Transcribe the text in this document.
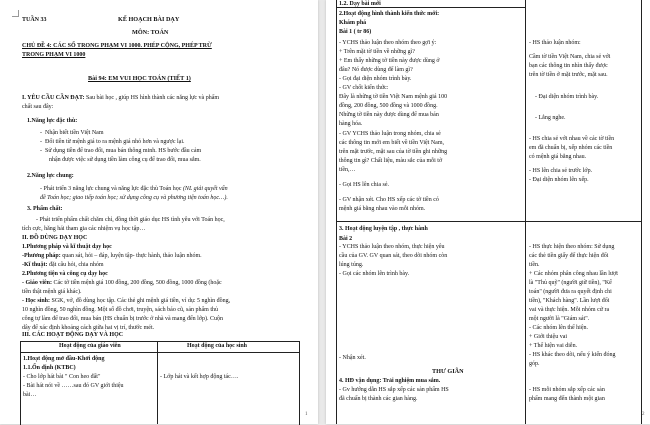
TUẦN 33	KẾ HOẠCH BÀI DẠY
MÔN: TOÁN
CHỦ ĐỀ 4: CÁC SỐ TRONG PHẠM VI 1000. PHÉP CỘNG, PHÉP TRỪ
TRONG PHẠM VI 1000
Bài 94: EM VUI HỌC TOÁN (TIẾT 1)
I. YÊU CẦU CẦN ĐẠT: Sau bài học , giúp HS hình thành các năng lực và phẩm
chất sau đây:
1.Năng lực đặc thù:
-  Nhận biết tiền Việt Nam
-  Đổi tiền từ mệnh giá to ra mệnh giá nhỏ hơn và ngược lại.
-  Sử dụng tiền để trao đổi, mua bán thông minh. HS bước đầu cảm
nhận được việc sử dụng tiền làm công cụ để trao đổi, mua sắm.
2.Năng lực chung:
- Phát triển 3 năng lực chung và năng lực đặc thù Toán học (NL giải quyết vấn
đề Toán học; giao tiếp toán học; sử dụng công cụ và phương tiện toán học…).
3. Phẩm chất:
- Phát triển phẩm chất chăm chỉ, đồng thời giáo dục HS tình yêu với Toán học,
tích cực, hăng hái tham gia các nhiệm vụ học tập…
II. ĐỒ DÙNG DẠY HỌC
1.Phương pháp và kĩ thuật dạy học
-Phương pháp: quan sát, hỏi – đáp, luyện tập- thực hành, thảo luận nhóm.
-Kĩ thuật: đặt câu hỏi, chia nhóm
2.Phương tiện và công cụ dạy học
- Giáo viên: Các tờ tiền mệnh giá 100 đồng, 200 đồng, 500 đồng, 1000 đồng (hoặc
tiền thật mệnh giá khác).
- Học sinh: SGK, vở, đồ dùng học tập. Các thẻ ghi mệnh giá tiền, ví dụ: 5 nghìn đồng,
10 nghìn đồng, 50 nghìn đồng. Một số đồ chơi, truyện, sách báo cũ, sản phẩm thủ
công tự làm để trao đổi, mua bán (HS chuẩn bị trước ở nhà và mang đến lớp). Cuộn
dây để xác định khoảng cách giữa hai vị trí, thước mét.
III. CÁC HOẠT ĐỘNG DẠY VÀ HỌC
Hoạt động của giáo viên	Hoạt động của học sinh
1.Hoạt động mở đầu-Khởi động
1.1.Ổn định (KTBC)
- Cho lớp hát bài " Con heo đất"
- Bài hát nói về ……sau đó GV giới thiệu
bài…
- Lớp hát và kết hợp động tác….
1
1.2. Dạy bài mới
2.Hoạt động hình thành kiến thức mới:
Khám phá
Bài 1 ( tr 86)
- YCHS thảo luận theo nhóm theo gợi ý:
+ Trên mặt tờ tiền về những gì?
+ Em thấy những tờ tiền này được dùng ở
đâu? Nó được dùng để làm gì?
- Gọi đại diện nhóm trình bày.
- GV chốt kiến thức:
Đây là những tờ tiền Việt Nam mệnh giá 100
đồng, 200 đồng, 500 đồng và 1000 đồng.
Những tờ tiền này được dùng để mua bán
hàng hóa.
- GV YCHS thảo luận trong nhóm, chia sẻ
các thông tin mới em biết về tiền Việt Nam,
trên mặt trước, mặt sau của tờ tiền ghi những
thông tin gì? Chất liệu, màu sắc của mỗi tờ
tiền,…
- Gọi HS lên chia sẻ.
- GV nhận xét. Cho HS xếp các tờ tiền có
mệnh giá bằng nhau vào mỗi nhóm.
- HS thảo luận nhóm:
Cầm tờ tiền Việt Nam, chia sẻ với
bạn các thông tin nhìn thấy được
trên tờ tiền ở mặt trước, mặt sau.
- Đại diện nhóm trình bày.
- Lắng nghe.
- HS chia sẻ với nhau về các tờ tiền
em đã chuẩn bị, xếp nhóm các tiền
có mệnh giá bằng nhau.
- HS lên chia sẻ trước lớp.
- Đại diện nhóm lên xếp.
3. Hoạt động luyện tập , thực hành
Bài 2
- YCHS thảo luận theo nhóm, thực hiện yêu
cầu của GV. GV quan sát, theo dõi nhóm còn
lúng túng.
- Gọi các nhóm lên trình bày.
- Nhận xét.
- HS thực hiện theo nhóm: Sử dụng
các thẻ tiền giấy để thực hiện đổi
tiền.
+ Các nhóm phân công nhau lần lượt
là "Thủ quỹ" (người giữ tiền), "Kế
toán" (người đưa ra quyết định chi
tiền), "Khách hàng". Lần lượt đổi
vai và thực hiện. Mỗi nhóm cử ra
một người là "Giám sát".
- Các nhóm lên thể hiện.
+ Giới thiệu vai
+ Thể hiện vai diễn.
- HS khác theo dõi, nếu ý kiến đóng
góp.
THƯ GIÃN
4. HĐ vận dụng: Trải nghiệm mua sắm.
- Gv hướng dẫn HS sắp xếp các sản phẩm HS
đã chuẩn bị thành các gian hàng.
- HS mỗi nhóm sắp xếp các sản
phẩm mang đến thành một gian
2
